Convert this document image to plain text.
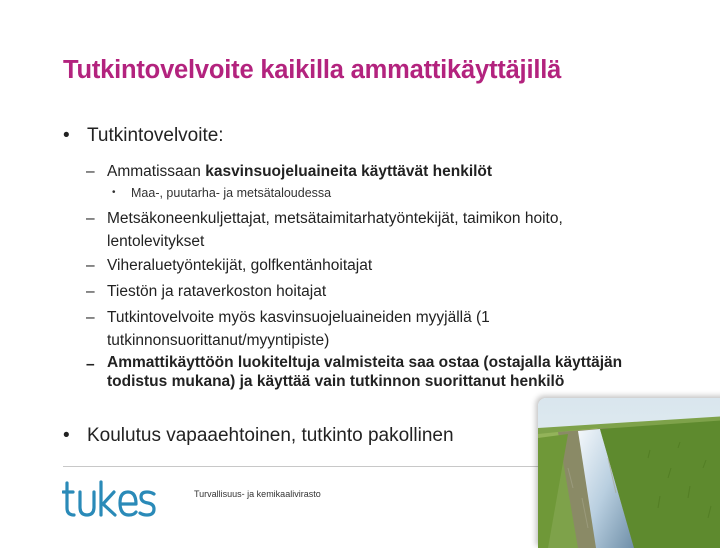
Tutkintovelvoite kaikilla ammattikäyttäjillä
• Tutkintovelvoite:
– Ammatissaan kasvinsuojeluaineita käyttävät henkilöt
• Maa-, puutarha- ja metsätaloudessa
– Metsäkoneenkuljettajat, metsätaimitarhatyöntekijät, taimikon hoito, lentolevitykset
– Viheraluetyöntekijät, golfkentänhoitajat
– Tiestön ja rataverkoston hoitajat
– Tutkintovelvoite myös kasvinsuojeluaineiden myyjällä (1 tutkinnonsuorittanut/myyntipiste)
– Ammattikäyttöön luokiteltuja valmisteita saa ostaa (ostajalla käyttäjän todistus mukana) ja käyttää vain tutkinnon suorittanut henkilö
• Koulutus vapaaehtoinen, tutkinto pakollinen
Turvallisuus- ja kemikaalivirasto
